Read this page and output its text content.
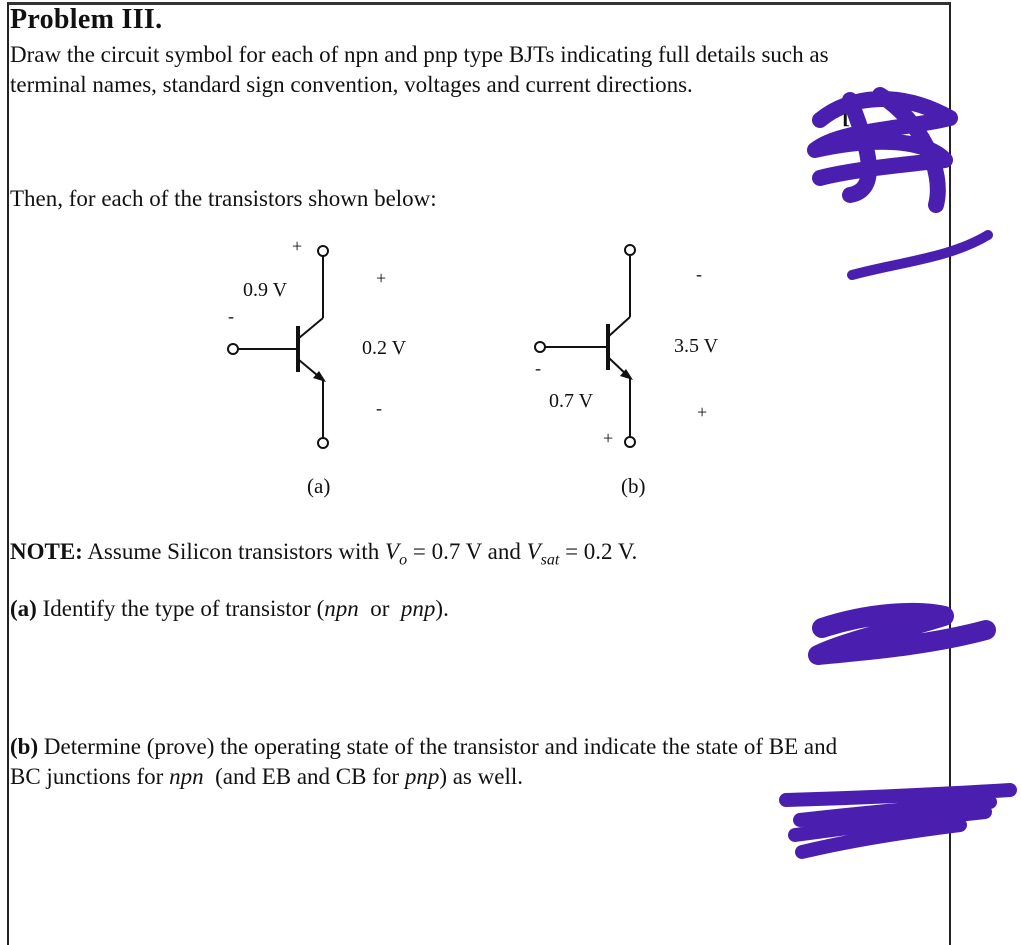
Problem III.
Draw the circuit symbol for each of npn and pnp type BJTs indicating full details such as
terminal names, standard sign convention, voltages and current directions.
[5
Then, for each of the transistors shown below:
+
0.9 V
-
+
0.2 V
-
(a)
-
3.5 V
+
-
0.7 V
+
(b)
NOTE: Assume Silicon transistors with $V_o = 0.7$ V and $V_{sat} = 0.2$ V.
(a) Identify the type of transistor (npn  or  pnp).
(b) Determine (prove) the operating state of the transistor and indicate the state of BE and
BC junctions for npn  (and EB and CB for pnp) as well.
